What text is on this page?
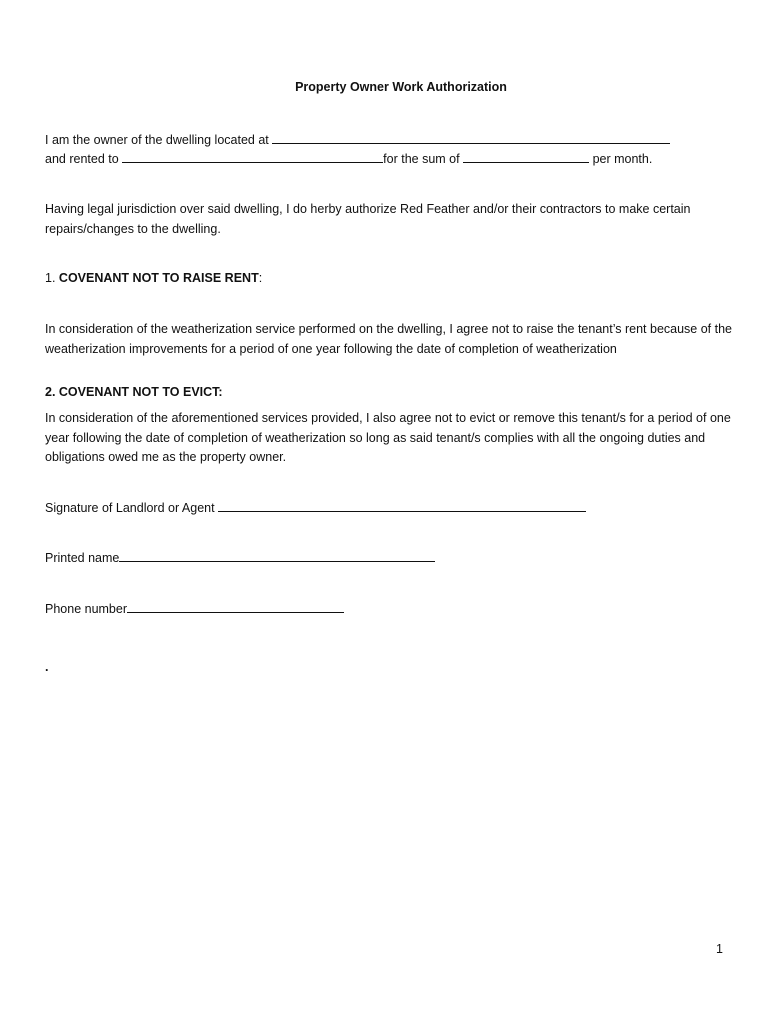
Property Owner Work Authorization
I am the owner of the dwelling located at
and rented to	for the sum of	per month.
Having legal jurisdiction over said dwelling, I do herby authorize Red Feather and/or their contractors to make certain repairs/changes to the dwelling.
1. COVENANT NOT TO RAISE RENT:
In consideration of the weatherization service performed on the dwelling, I agree not to raise the tenant’s rent because of the weatherization improvements for a period of one year following the date of completion of weatherization
2. COVENANT NOT TO EVICT:
In consideration of the aforementioned services provided, I also agree not to evict or remove this tenant/s for a period of one year following the date of completion of weatherization so long as said tenant/s complies with all the ongoing duties and obligations owed me as the property owner.
Signature of Landlord or Agent
Printed name
Phone number
.
1
